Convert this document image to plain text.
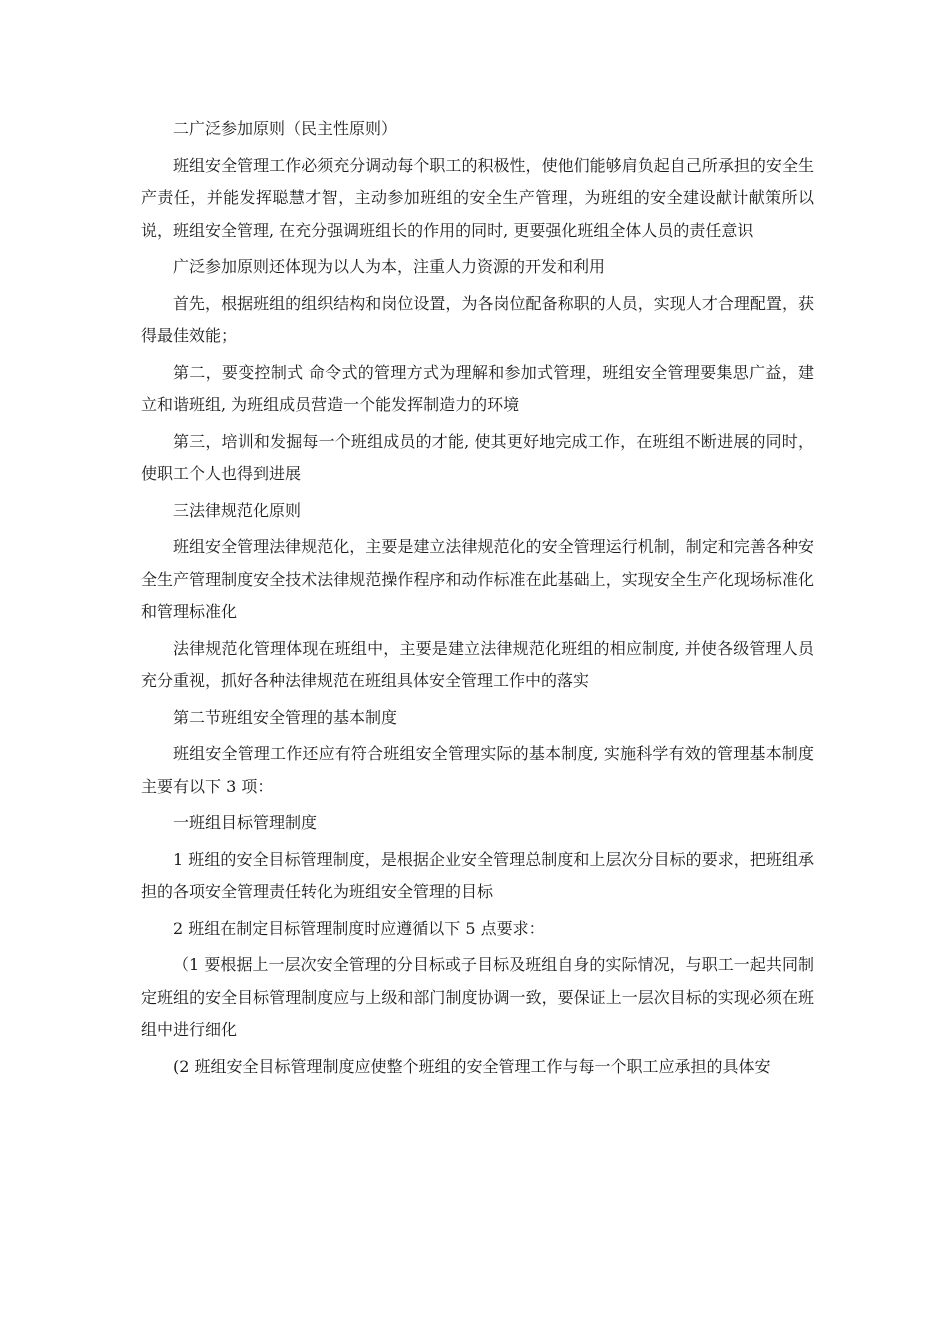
二广泛参加原则（民主性原则）

班组安全管理工作必须充分调动每个职工的积极性，使他们能够肩负起自己所承担的安全生产责任，并能发挥聪慧才智，主动参加班组的安全生产管理，为班组的安全建设献计献策所以说，班组安全管理, 在充分强调班组长的作用的同时, 更要强化班组全体人员的责任意识

广泛参加原则还体现为以人为本，注重人力资源的开发和利用

首先，根据班组的组织结构和岗位设置，为各岗位配备称职的人员，实现人才合理配置，获得最佳效能；

第二，要变控制式 命令式的管理方式为理解和参加式管理，班组安全管理要集思广益，建立和谐班组, 为班组成员营造一个能发挥制造力的环境

第三，培训和发掘每一个班组成员的才能, 使其更好地完成工作，在班组不断进展的同时，使职工个人也得到进展

三法律规范化原则

班组安全管理法律规范化，主要是建立法律规范化的安全管理运行机制，制定和完善各种安全生产管理制度安全技术法律规范操作程序和动作标准在此基础上，实现安全生产化现场标准化和管理标准化

法律规范化管理体现在班组中，主要是建立法律规范化班组的相应制度, 并使各级管理人员充分重视，抓好各种法律规范在班组具体安全管理工作中的落实

第二节班组安全管理的基本制度

班组安全管理工作还应有符合班组安全管理实际的基本制度, 实施科学有效的管理基本制度主要有以下 3 项：

一班组目标管理制度

1 班组的安全目标管理制度，是根据企业安全管理总制度和上层次分目标的要求，把班组承担的各项安全管理责任转化为班组安全管理的目标

2 班组在制定目标管理制度时应遵循以下 5 点要求：

（1 要根据上一层次安全管理的分目标或子目标及班组自身的实际情况，与职工一起共同制定班组的安全目标管理制度应与上级和部门制度协调一致，要保证上一层次目标的实现必须在班组中进行细化

(2 班组安全目标管理制度应使整个班组的安全管理工作与每一个职工应承担的具体安
